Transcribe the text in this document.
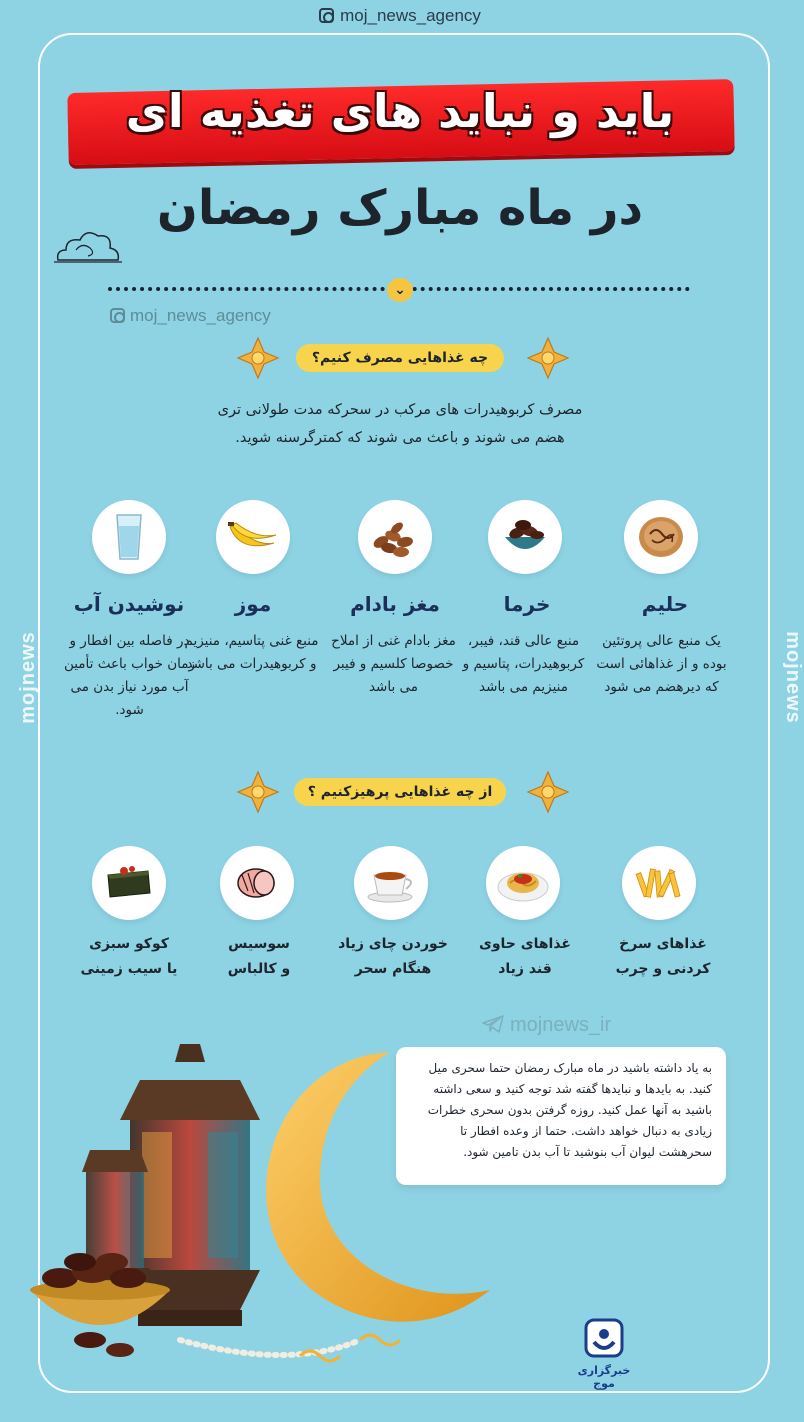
moj_news_agency
mojnews	mojnews
باید و نباید های تغذیه ای
در ماه مبارک رمضان
⌄
moj_news_agency
چه غذاهایی مصرف کنیم؟
مصرف کربوهیدرات های مرکب در سحرکه مدت طولانی تری
هضم می شوند و باعث می شوند که کمترگرسنه شوید.
حلیم
یک منبع عالی پروتئین بوده و از غذاهائی است که دیرهضم می شود
خرما
منبع عالی قند، فیبر، کربوهیدرات، پتاسیم و منیزیم می باشد
مغز بادام
مغز بادام غنی از املاح خصوصا کلسیم و فیبر می باشد
موز
منبع غنی پتاسیم، منیزیم و کربوهیدرات می باشد
نوشیدن آب
در فاصله بین افطار و زمان خواب باعث تأمین آب مورد نیاز بدن می شود.
از چه غذاهایی پرهیزکنیم ؟
غذاهای سرخ
کردنی و چرب
غذاهای حاوی
قند زیاد
خوردن چای زیاد
هنگام سحر
سوسیس
و کالباس
کوکو سبزی
یا سیب زمینی
mojnews_ir
به یاد داشته باشید در ماه مبارک رمضان حتما سحری میل کنید. به بایدها و نبایدها گفته شد توجه کنید و سعی داشته باشید به آنها عمل کنید. روزه گرفتن بدون سحری خطرات زیادی به دنبال خواهد داشت. حتما از وعده افطار تا سحرهشت لیوان آب بنوشید تا آب بدن تامین شود.
خبرگزاری موج
